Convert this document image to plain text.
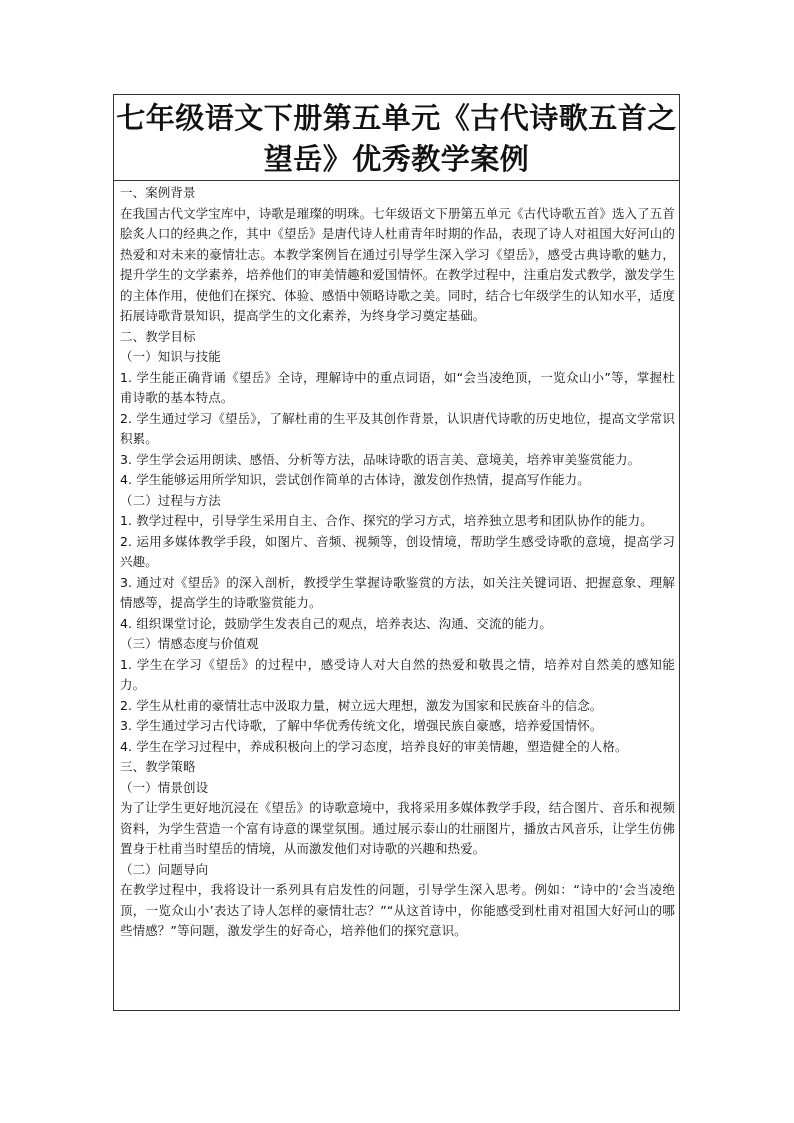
七年级语文下册第五单元《古代诗歌五首之
望岳》优秀教学案例

一、案例背景

在我国古代文学宝库中，诗歌是璀璨的明珠。七年级语文下册第五单元《古代诗歌五首》选入了五首脍炙人口的经典之作，其中《望岳》是唐代诗人杜甫青年时期的作品，表现了诗人对祖国大好河山的热爱和对未来的豪情壮志。本教学案例旨在通过引导学生深入学习《望岳》，感受古典诗歌的魅力，提升学生的文学素养，培养他们的审美情趣和爱国情怀。在教学过程中，注重启发式教学，激发学生的主体作用，使他们在探究、体验、感悟中领略诗歌之美。同时，结合七年级学生的认知水平，适度拓展诗歌背景知识，提高学生的文化素养，为终身学习奠定基础。

二、教学目标

（一）知识与技能

1. 学生能正确背诵《望岳》全诗，理解诗中的重点词语，如“会当凌绝顶，一览众山小”等，掌握杜甫诗歌的基本特点。

2. 学生通过学习《望岳》，了解杜甫的生平及其创作背景，认识唐代诗歌的历史地位，提高文学常识积累。

3. 学生学会运用朗读、感悟、分析等方法，品味诗歌的语言美、意境美，培养审美鉴赏能力。

4. 学生能够运用所学知识，尝试创作简单的古体诗，激发创作热情，提高写作能力。

（二）过程与方法

1. 教学过程中，引导学生采用自主、合作、探究的学习方式，培养独立思考和团队协作的能力。

2. 运用多媒体教学手段，如图片、音频、视频等，创设情境，帮助学生感受诗歌的意境，提高学习兴趣。

3. 通过对《望岳》的深入剖析，教授学生掌握诗歌鉴赏的方法，如关注关键词语、把握意象、理解情感等，提高学生的诗歌鉴赏能力。

4. 组织课堂讨论，鼓励学生发表自己的观点，培养表达、沟通、交流的能力。

（三）情感态度与价值观

1. 学生在学习《望岳》的过程中，感受诗人对大自然的热爱和敬畏之情，培养对自然美的感知能力。

2. 学生从杜甫的豪情壮志中汲取力量，树立远大理想，激发为国家和民族奋斗的信念。

3. 学生通过学习古代诗歌，了解中华优秀传统文化，增强民族自豪感，培养爱国情怀。

4. 学生在学习过程中，养成积极向上的学习态度，培养良好的审美情趣，塑造健全的人格。

三、教学策略

（一）情景创设

为了让学生更好地沉浸在《望岳》的诗歌意境中，我将采用多媒体教学手段，结合图片、音乐和视频资料，为学生营造一个富有诗意的课堂氛围。通过展示泰山的壮丽图片，播放古风音乐，让学生仿佛置身于杜甫当时望岳的情境，从而激发他们对诗歌的兴趣和热爱。

（二）问题导向

在教学过程中，我将设计一系列具有启发性的问题，引导学生深入思考。例如：“诗中的‘会当凌绝顶，一览众山小’表达了诗人怎样的豪情壮志？”“从这首诗中，你能感受到杜甫对祖国大好河山的哪些情感？”等问题，激发学生的好奇心，培养他们的探究意识。
